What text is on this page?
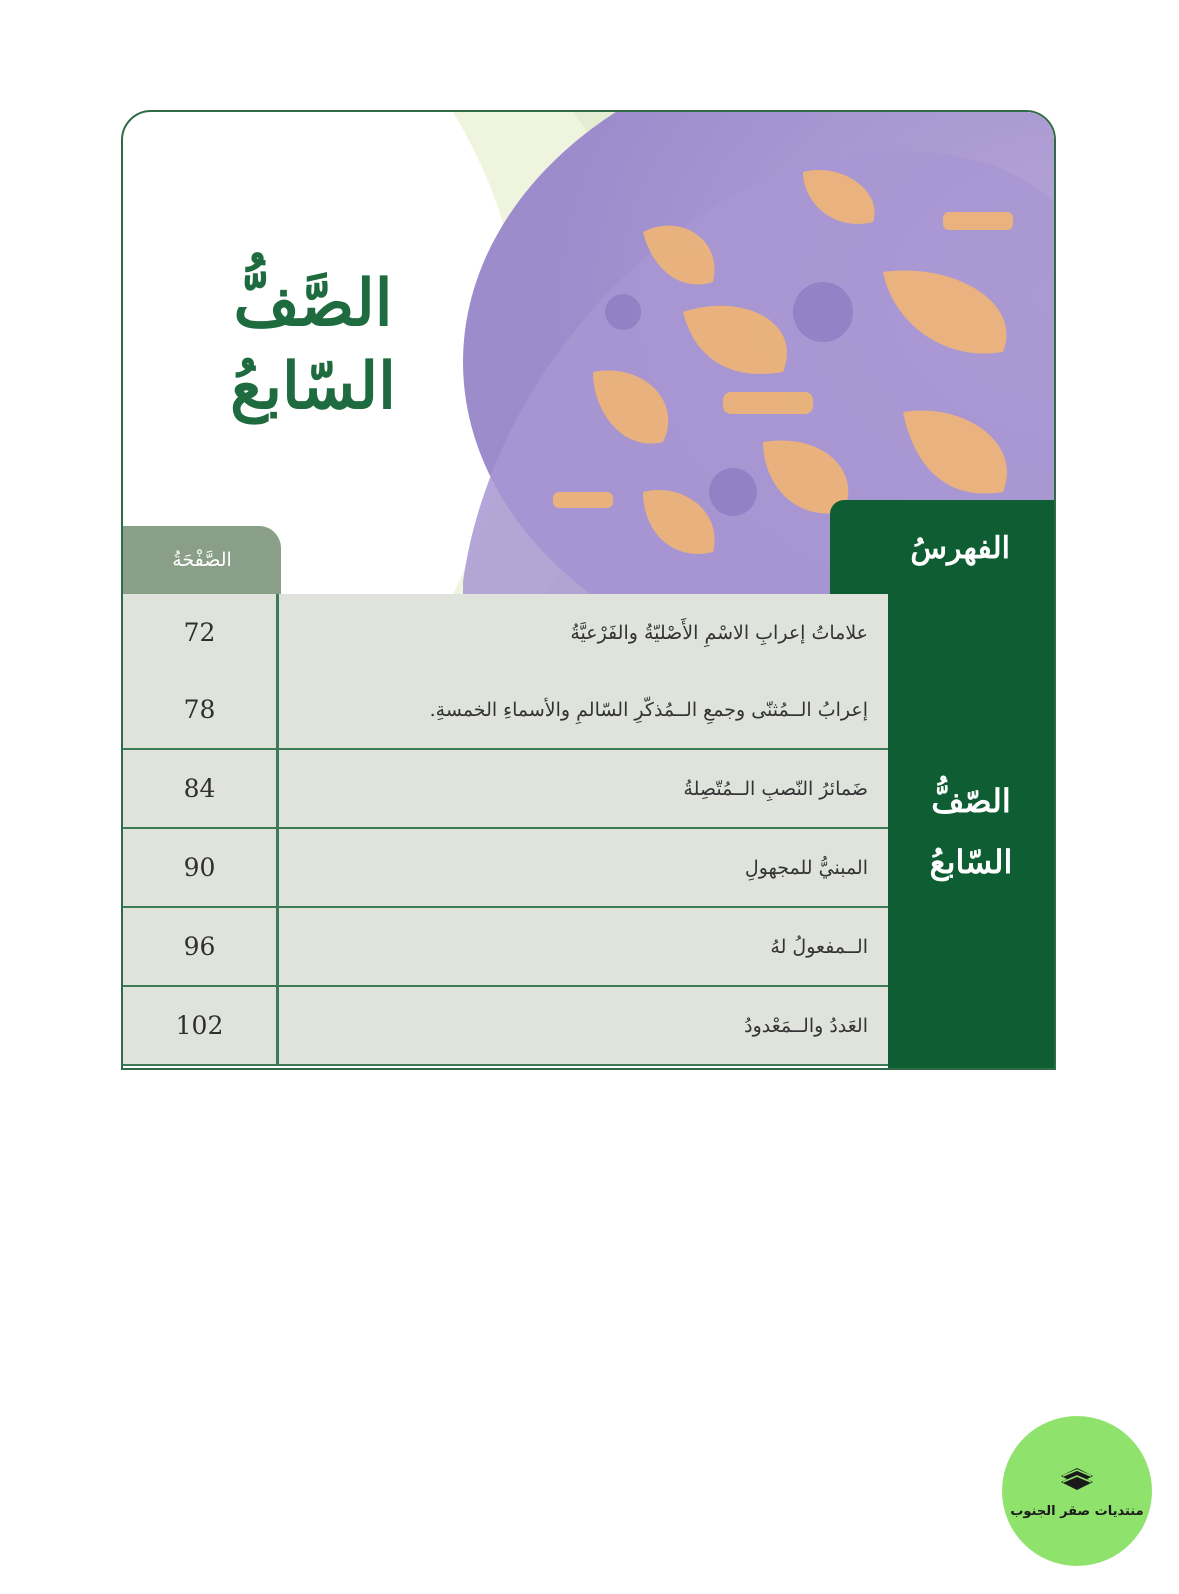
الصَّفُّ السّابعُ
الصَّفْحَةُ	الفهرسُ
72	علاماتُ إعرابِ الاسْمِ الأَصْليّةُ والفَرْعيَّةُ
78	إعرابُ الــمُثنّى وجمعِ الــمُذكّرِ السّالمِ والأسماءِ الخمسةِ.
84	ضَمائرُ النّصبِ الــمُتّصِلةُ
90	المبنيُّ للمجهولِ
96	الــمفعولُ لهُ
102	العَددُ والــمَعْدودُ
الصّفُّ
السّابعُ
منتديات صقر الجنوب
